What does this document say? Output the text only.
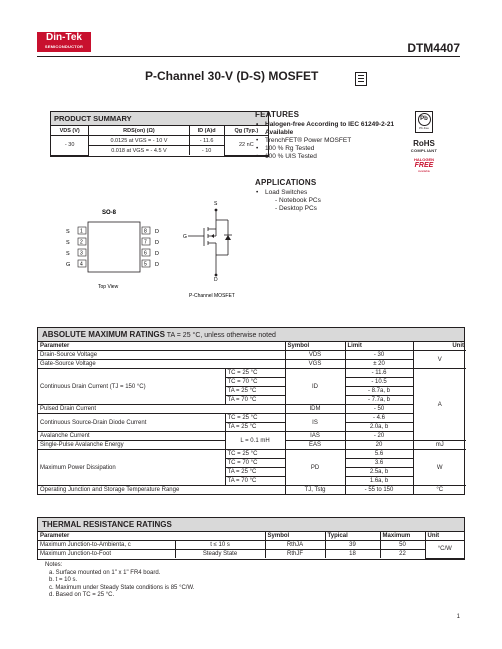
Din-Tek
SEMICONDUCTOR	DTM4407
P-Channel 30-V (D-S) MOSFET
PRODUCT SUMMARY
VDS (V)	RDS(on) (Ω)	ID (A)d	Qg (Typ.)
- 30	0.0125 at VGS = - 10 V	- 11.6	22 nC
	0.018 at VGS = - 4.5 V	- 10	
FEATURES
• Halogen-free According to IEC 61249-2-21
Available
• TrenchFET® Power MOSFET
• 100 % Rg Tested
• 100 % UIS Tested
Pb
Pb-free
RoHS
COMPLIANT
HALOGEN
FREE
Available
APPLICATIONS
• Load Switches
- Notebook PCs
- Desktop PCs
SO-8
1
2
3
4
S
S
S
G
8
7
6
5
D
D
D
D
Top View
S
G
D
P-Channel MOSFET
ABSOLUTE MAXIMUM RATINGS TA = 25 °C, unless otherwise noted
Parameter		Symbol	Limit	Unit
Drain-Source Voltage		VDS	- 30	V
Gate-Source Voltage		VGS	± 20	
Continuous Drain Current (TJ = 150 °C)	TC = 25 °C	ID	- 11.6	A
	TC = 70 °C		- 10.5	
	TA = 25 °C		- 8.7a, b	
	TA = 70 °C		- 7.7a, b	
Pulsed Drain Current		IDM	- 50	
Continuous Source-Drain Diode Current	TC = 25 °C	IS	- 4.6	
	TA = 25 °C		2.0a, b	
Avalanche Current	L = 0.1 mH	IAS	- 20	
Single-Pulse Avalanche Energy		EAS	20	mJ
Maximum Power Dissipation	TC = 25 °C	PD	5.6	W
	TC = 70 °C		3.6	
	TA = 25 °C		2.5a, b	
	TA = 70 °C		1.6a, b	
Operating Junction and Storage Temperature Range		TJ, Tstg	- 55 to 150	°C
THERMAL RESISTANCE RATINGS
Parameter		Symbol	Typical	Maximum	Unit
Maximum Junction-to-Ambienta, c	t ≤ 10 s	RthJA	39	50	°C/W
Maximum Junction-to-Foot	Steady State	RthJF	18	22	
Notes:
a. Surface mounted on 1" x 1" FR4 board.
b. t = 10 s.
c. Maximum under Steady State conditions is 85 °C/W.
d. Based on TC = 25 °C.
1
